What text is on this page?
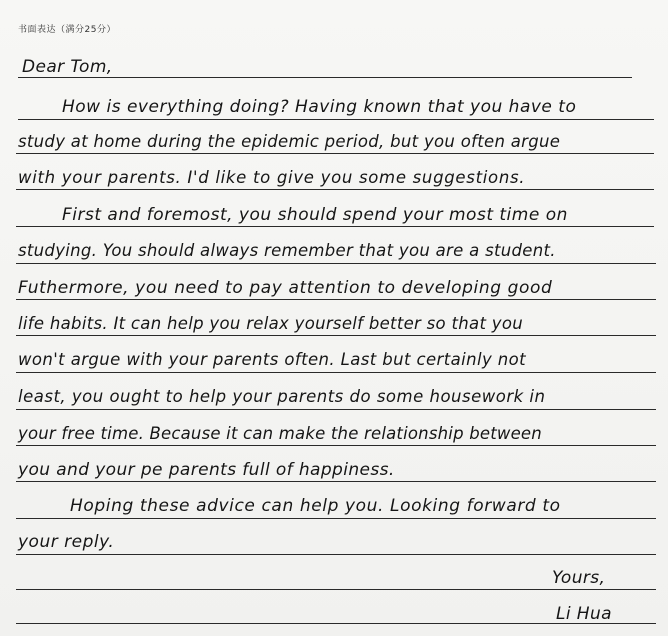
书面表达（满分25分）
Dear Tom,
How is everything doing? Having known that you have to
study at home during the epidemic period, but you often argue
with your parents. I'd like to give you some suggestions.
First and foremost, you should spend your most time on
studying. You should always remember that you are a student.
Futhermore, you need to pay attention to developing good
life habits. It can help you relax yourself better so that you
won't argue with your parents often. Last but certainly not
least, you ought to help your parents do some housework in
your free time. Because it can make the relationship between
you and your pe parents full of happiness.
Hoping these advice can help you. Looking forward to
your reply.
Yours,
Li Hua
